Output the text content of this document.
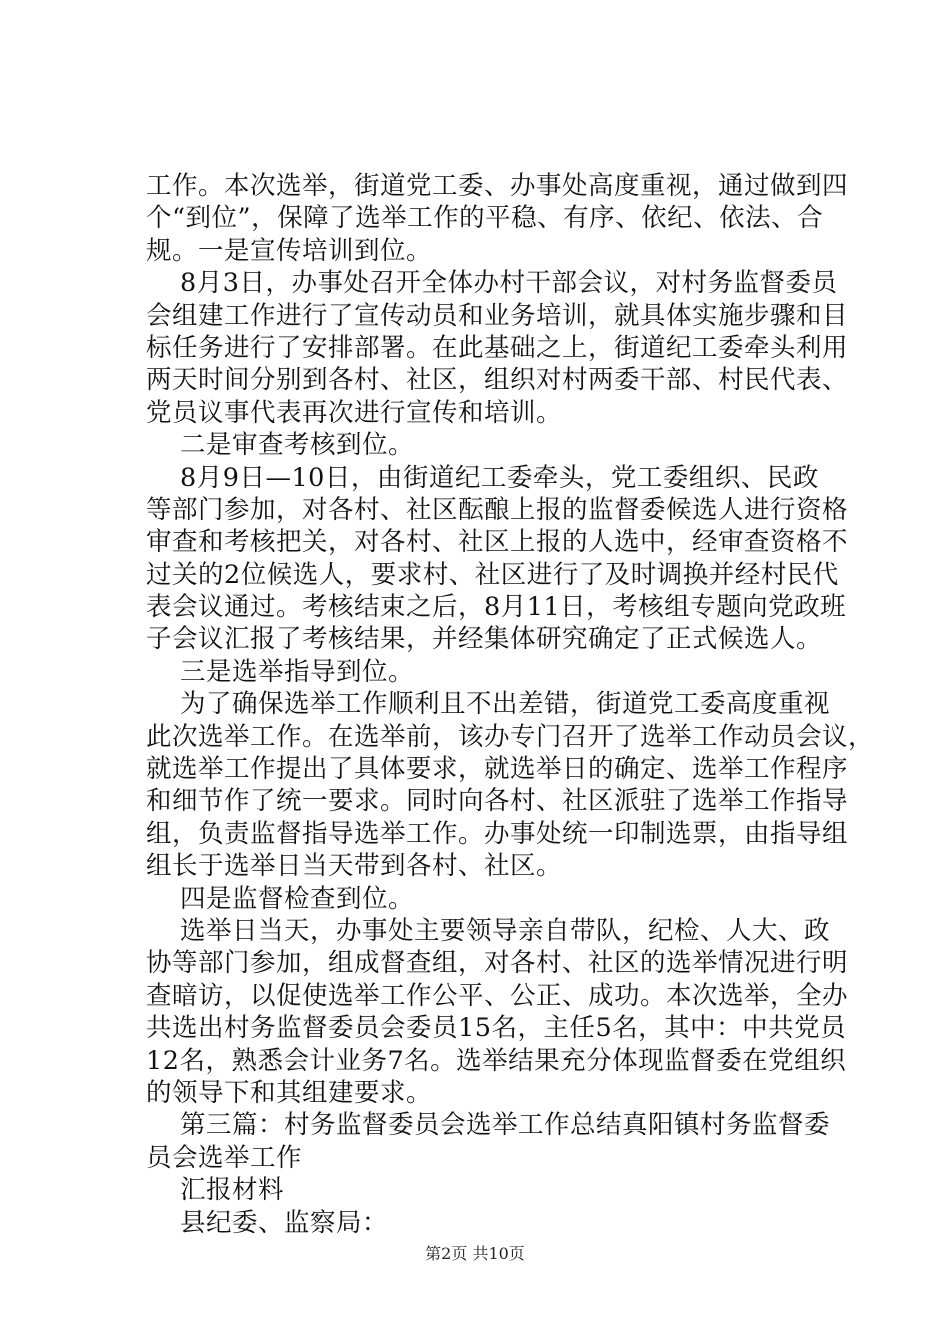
工作。本次选举，街道党工委、办事处高度重视，通过做到四
个“到位”，保障了选举工作的平稳、有序、依纪、依法、合
规。一是宣传培训到位。
8月3日，办事处召开全体办村干部会议，对村务监督委员
会组建工作进行了宣传动员和业务培训，就具体实施步骤和目
标任务进行了安排部署。在此基础之上，街道纪工委牵头利用
两天时间分别到各村、社区，组织对村两委干部、村民代表、
党员议事代表再次进行宣传和培训。
二是审查考核到位。
8月9日—10日，由街道纪工委牵头，党工委组织、民政
等部门参加，对各村、社区酝酿上报的监督委候选人进行资格
审查和考核把关，对各村、社区上报的人选中，经审查资格不
过关的2位候选人，要求村、社区进行了及时调换并经村民代
表会议通过。考核结束之后，8月11日，考核组专题向党政班
子会议汇报了考核结果，并经集体研究确定了正式候选人。
三是选举指导到位。
为了确保选举工作顺利且不出差错，街道党工委高度重视
此次选举工作。在选举前，该办专门召开了选举工作动员会议，
就选举工作提出了具体要求，就选举日的确定、选举工作程序
和细节作了统一要求。同时向各村、社区派驻了选举工作指导
组，负责监督指导选举工作。办事处统一印制选票，由指导组
组长于选举日当天带到各村、社区。
四是监督检查到位。
选举日当天，办事处主要领导亲自带队，纪检、人大、政
协等部门参加，组成督查组，对各村、社区的选举情况进行明
查暗访，以促使选举工作公平、公正、成功。本次选举，全办
共选出村务监督委员会委员15名，主任5名，其中：中共党员
12名，熟悉会计业务7名。选举结果充分体现监督委在党组织
的领导下和其组建要求。
第三篇：村务监督委员会选举工作总结真阳镇村务监督委
员会选举工作
汇报材料
县纪委、监察局：
第2页 共10页
